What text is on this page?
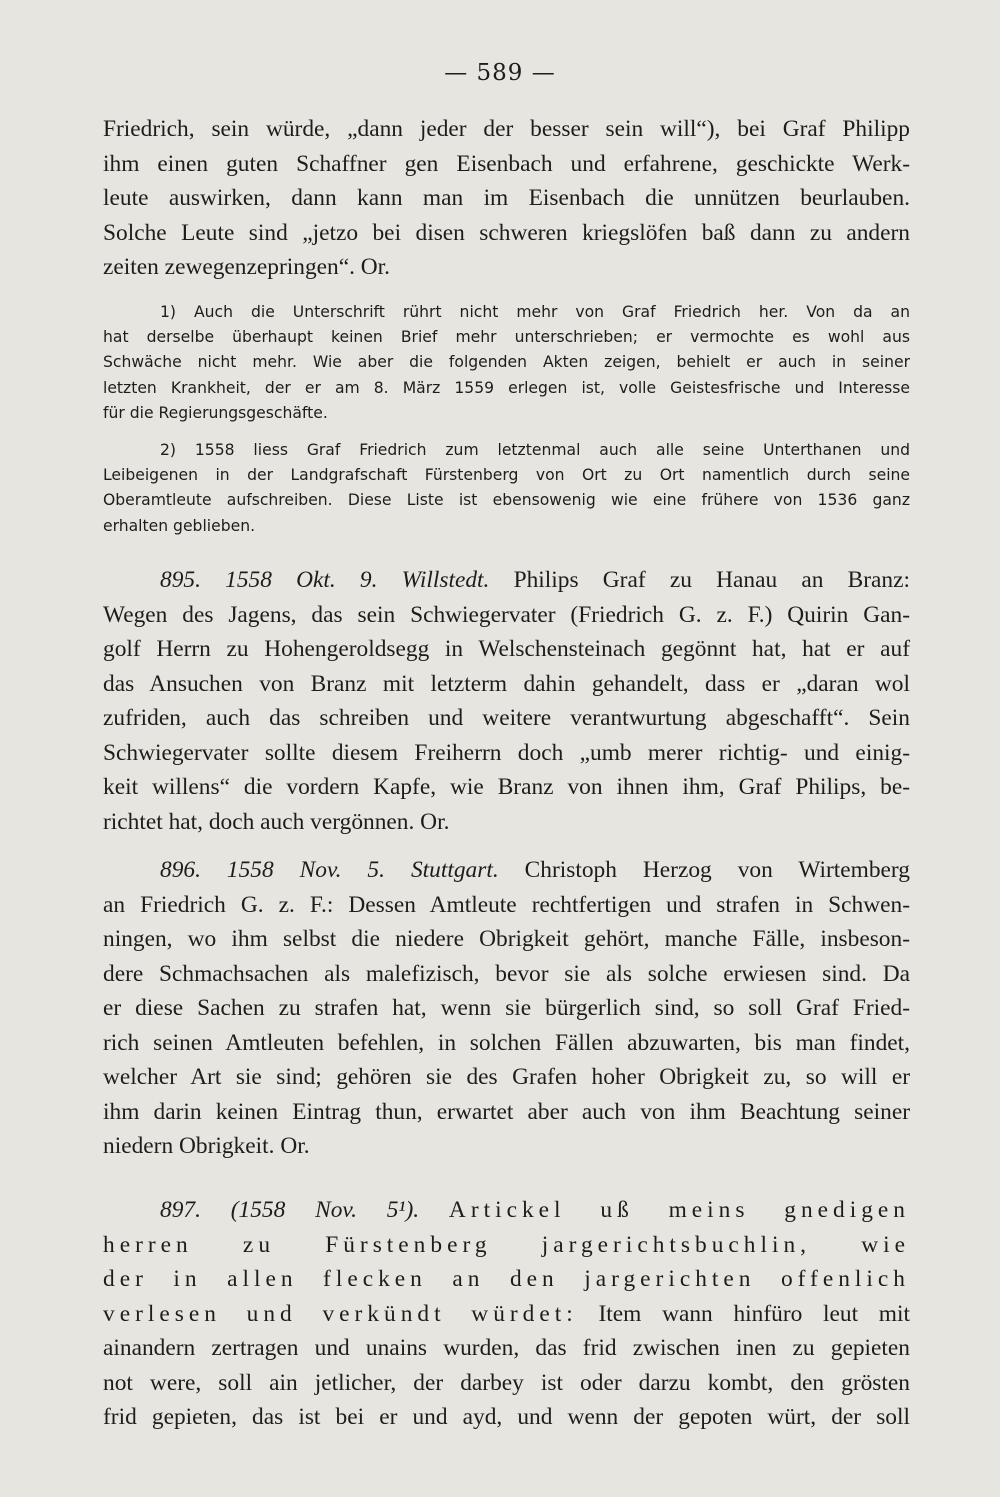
— 589 —
Friedrich, sein würde, „dann jeder der besser sein will“), bei Graf Philipp
ihm einen guten Schaffner gen Eisenbach und erfahrene, geschickte Werk-
leute auswirken, dann kann man im Eisenbach die unnützen beurlauben.
Solche Leute sind „jetzo bei disen schweren kriegslöfen baß dann zu andern
zeiten zewegenzepringen“. Or.
1) Auch die Unterschrift rührt nicht mehr von Graf Friedrich her. Von da an
hat derselbe überhaupt keinen Brief mehr unterschrieben; er vermochte es wohl aus
Schwäche nicht mehr. Wie aber die folgenden Akten zeigen, behielt er auch in seiner
letzten Krankheit, der er am 8. März 1559 erlegen ist, volle Geistesfrische und Interesse
für die Regierungsgeschäfte.
2) 1558 liess Graf Friedrich zum letztenmal auch alle seine Unterthanen und
Leibeigenen in der Landgrafschaft Fürstenberg von Ort zu Ort namentlich durch seine
Oberamtleute aufschreiben. Diese Liste ist ebensowenig wie eine frühere von 1536 ganz
erhalten geblieben.
895. 1558 Okt. 9. Willstedt. Philips Graf zu Hanau an Branz:
Wegen des Jagens, das sein Schwiegervater (Friedrich G. z. F.) Quirin Gan-
golf Herrn zu Hohengeroldsegg in Welschensteinach gegönnt hat, hat er auf
das Ansuchen von Branz mit letzterm dahin gehandelt, dass er „daran wol
zufriden, auch das schreiben und weitere verantwurtung abgeschafft“. Sein
Schwiegervater sollte diesem Freiherrn doch „umb merer richtig- und einig-
keit willens“ die vordern Kapfe, wie Branz von ihnen ihm, Graf Philips, be-
richtet hat, doch auch vergönnen. Or.
896. 1558 Nov. 5. Stuttgart. Christoph Herzog von Wirtemberg
an Friedrich G. z. F.: Dessen Amtleute rechtfertigen und strafen in Schwen-
ningen, wo ihm selbst die niedere Obrigkeit gehört, manche Fälle, insbeson-
dere Schmachsachen als malefizisch, bevor sie als solche erwiesen sind. Da
er diese Sachen zu strafen hat, wenn sie bürgerlich sind, so soll Graf Fried-
rich seinen Amtleuten befehlen, in solchen Fällen abzuwarten, bis man findet,
welcher Art sie sind; gehören sie des Grafen hoher Obrigkeit zu, so will er
ihm darin keinen Eintrag thun, erwartet aber auch von ihm Beachtung seiner
niedern Obrigkeit. Or.
897. (1558 Nov. 5¹). Artickel uß meins gnedigen
herren zu Fürstenberg jargerichtsbuchlin, wie
der in allen flecken an den jargerichten offenlich
verlesen und verkündt würdet: Item wann hinfüro leut mit
ainandern zertragen und unains wurden, das frid zwischen inen zu gepieten
not were, soll ain jetlicher, der darbey ist oder darzu kombt, den grösten
frid gepieten, das ist bei er und ayd, und wenn der gepoten würt, der soll
